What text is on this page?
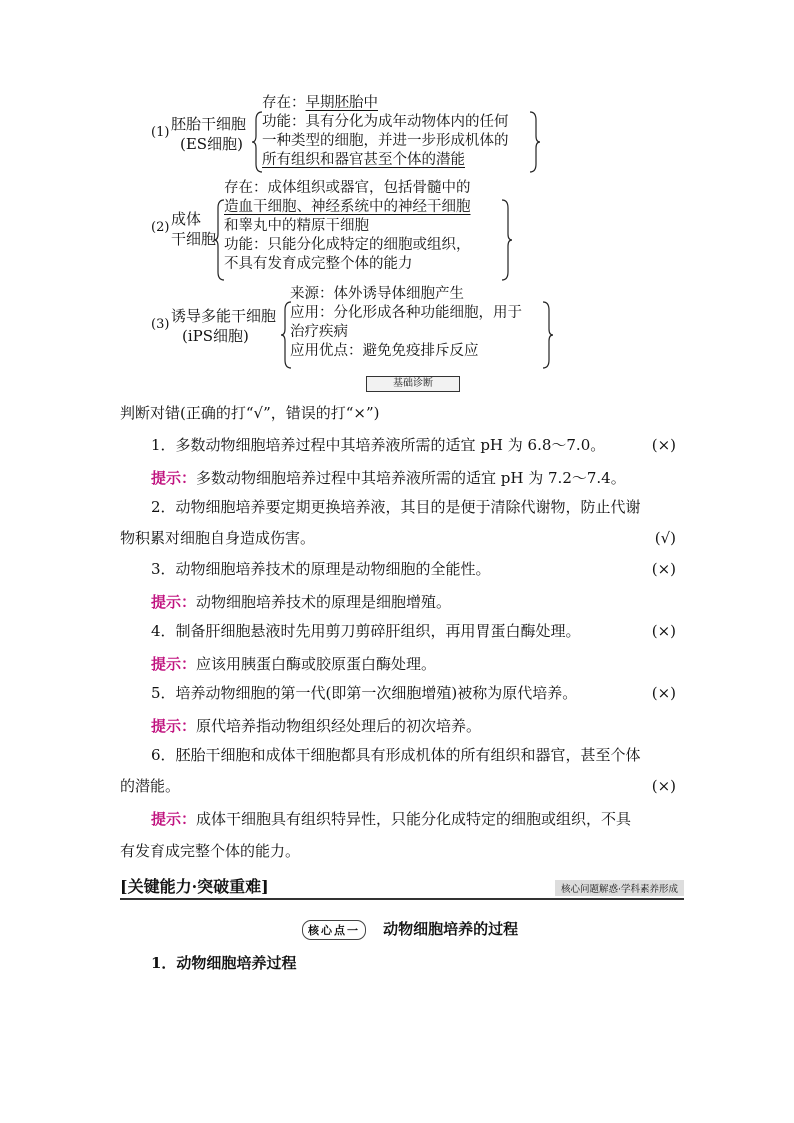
(1) 胚胎干细胞
(ES细胞)
存在：早期胚胎中
功能：具有分化为成年动物体内的任何
一种类型的细胞，并进一步形成机体的
所有组织和器官甚至个体的潜能
(2) 成体
干细胞
存在：成体组织或器官，包括骨髓中的
造血干细胞、神经系统中的神经干细胞
和睾丸中的精原干细胞
功能：只能分化成特定的细胞或组织，
不具有发育成完整个体的能力
(3) 诱导多能干细胞
(iPS细胞)
来源：体外诱导体细胞产生
应用：分化形成各种功能细胞，用于
治疗疾病
应用优点：避免免疫排斥反应
基础诊断
判断对错(正确的打“√”，错误的打“×”)
1．多数动物细胞培养过程中其培养液所需的适宜 pH 为 6.8～7.0。	(×)
提示：多数动物细胞培养过程中其培养液所需的适宜 pH 为 7.2～7.4。
2．动物细胞培养要定期更换培养液，其目的是便于清除代谢物，防止代谢
物积累对细胞自身造成伤害。	(√)
3．动物细胞培养技术的原理是动物细胞的全能性。	(×)
提示：动物细胞培养技术的原理是细胞增殖。
4．制备肝细胞悬液时先用剪刀剪碎肝组织，再用胃蛋白酶处理。	(×)
提示：应该用胰蛋白酶或胶原蛋白酶处理。
5．培养动物细胞的第一代(即第一次细胞增殖)被称为原代培养。	(×)
提示：原代培养指动物组织经处理后的初次培养。
6．胚胎干细胞和成体干细胞都具有形成机体的所有组织和器官，甚至个体
的潜能。	(×)
提示：成体干细胞具有组织特异性，只能分化成特定的细胞或组织，不具
有发育成完整个体的能力。
[关键能力·突破重难]	核心问题解惑·学科素养形成
核心点一 动物细胞培养的过程
1．动物细胞培养过程
